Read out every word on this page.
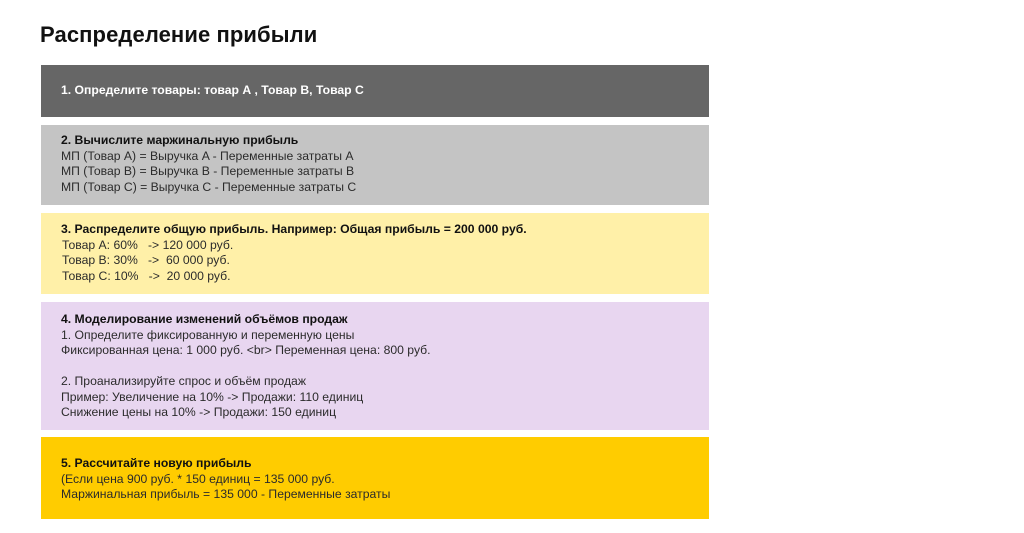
Распределение прибыли
1. Определите товары: товар А , Товар B, Товар C
2. Вычислите маржинальную прибыль
МП (Товар А) = Выручка A - Переменные затраты A
МП (Товар B) = Выручка B - Переменные затраты B
МП (Товар C) = Выручка C - Переменные затраты C
3. Распределите общую прибыль. Например: Общая прибыль = 200 000 руб.
Товар А: 60%   -> 120 000 руб.
Товар В: 30%   ->  60 000 руб.
Товар С: 10%   ->  20 000 руб.
4. Моделирование изменений объёмов продаж
1. Определите фиксированную и переменную цены
Фиксированная цена: 1 000 руб. <br> Переменная цена: 800 руб.
2. Проанализируйте спрос и объём продаж
Пример: Увеличение на 10% -> Продажи: 110 единиц
Снижение цены на 10% -> Продажи: 150 единиц
5. Рассчитайте новую прибыль
(Если цена 900 руб. * 150 единиц = 135 000 руб.
Маржинальная прибыль = 135 000 - Переменные затраты
